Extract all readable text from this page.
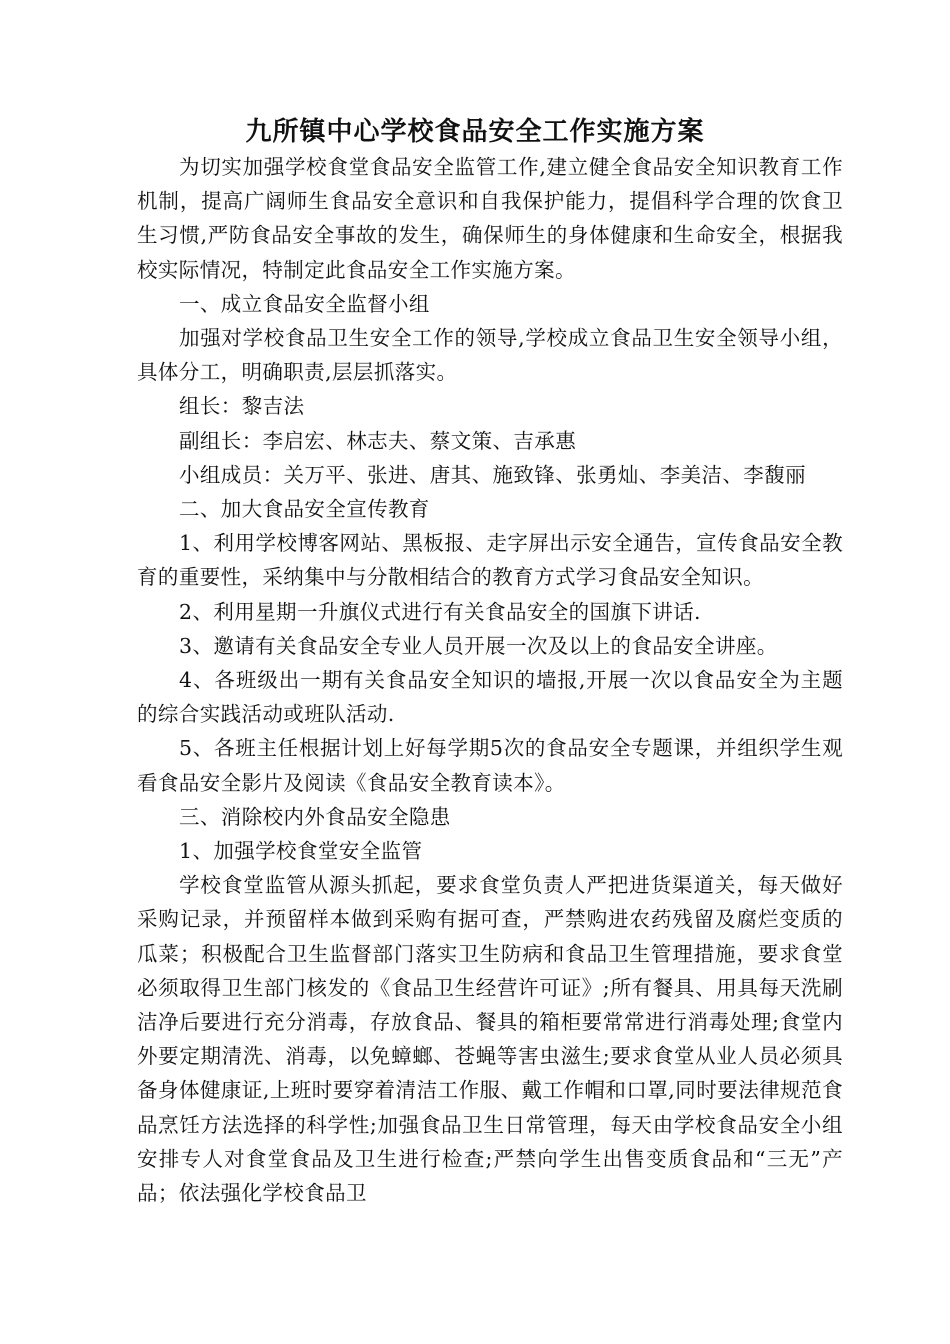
九所镇中心学校食品安全工作实施方案

为切实加强学校食堂食品安全监管工作,建立健全食品安全知识教育工作机制，提高广阔师生食品安全意识和自我保护能力，提倡科学合理的饮食卫生习惯,严防食品安全事故的发生，确保师生的身体健康和生命安全，根据我校实际情况，特制定此食品安全工作实施方案。

一、成立食品安全监督小组

加强对学校食品卫生安全工作的领导,学校成立食品卫生安全领导小组，具体分工，明确职责,层层抓落实。

组长：黎吉法

副组长：李启宏、林志夫、蔡文策、吉承惠

小组成员：关万平、张进、唐其、施致锋、张勇灿、李美洁、李馥丽

二、加大食品安全宣传教育

1、利用学校博客网站、黑板报、走字屏出示安全通告，宣传食品安全教育的重要性，采纳集中与分散相结合的教育方式学习食品安全知识。

2、利用星期一升旗仪式进行有关食品安全的国旗下讲话.

3、邀请有关食品安全专业人员开展一次及以上的食品安全讲座。

4、各班级出一期有关食品安全知识的墙报,开展一次以食品安全为主题的综合实践活动或班队活动.

5、各班主任根据计划上好每学期5次的食品安全专题课，并组织学生观看食品安全影片及阅读《食品安全教育读本》。

三、消除校内外食品安全隐患

1、加强学校食堂安全监管

学校食堂监管从源头抓起，要求食堂负责人严把进货渠道关，每天做好采购记录，并预留样本做到采购有据可查，严禁购进农药残留及腐烂变质的瓜菜；积极配合卫生监督部门落实卫生防病和食品卫生管理措施，要求食堂必须取得卫生部门核发的《食品卫生经营许可证》;所有餐具、用具每天洗刷洁净后要进行充分消毒，存放食品、餐具的箱柜要常常进行消毒处理;食堂内外要定期清洗、消毒，以免蟑螂、苍蝇等害虫滋生;要求食堂从业人员必须具备身体健康证,上班时要穿着清洁工作服、戴工作帽和口罩,同时要法律规范食品烹饪方法选择的科学性;加强食品卫生日常管理，每天由学校食品安全小组安排专人对食堂食品及卫生进行检查;严禁向学生出售变质食品和“三无”产品；依法强化学校食品卫
